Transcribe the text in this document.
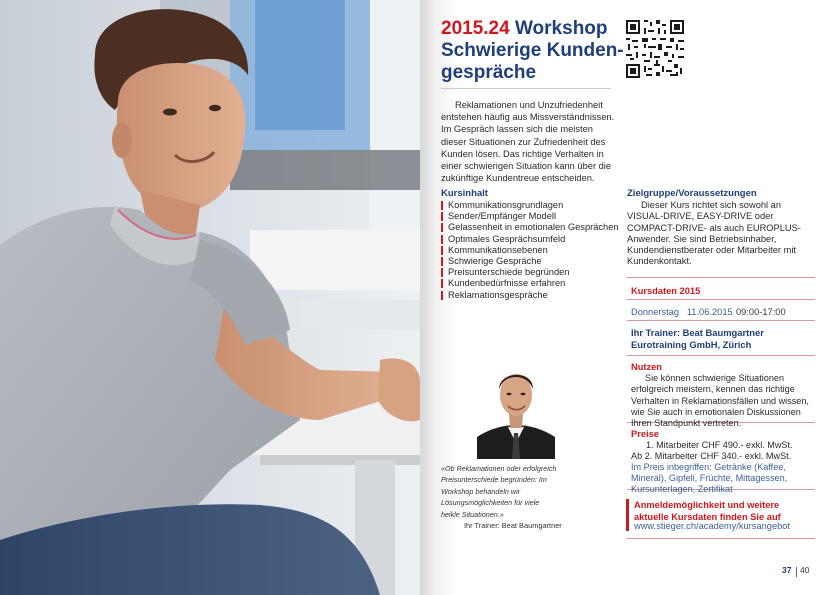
2015.24 Workshop
Schwierige Kunden-
gespräche

Reklamationen und Unzufriedenheit entstehen häufig aus Missverständnissen. Im Gespräch lassen sich die meisten dieser Situationen zur Zufriedenheit des Kunden lösen. Das richtige Verhalten in einer schwierigen Situation kann über die zukünftige Kundentreue entscheiden.

Kursinhalt
Kommunikationsgrundlagen
Sender/Empfänger Modell
Gelassenheit in emotionalen Gesprächen
Optimales Gesprächsumfeld
Kommunikationsebenen
Schwierige Gespräche
Preisunterschiede begründen
Kundenbedürfnisse erfahren
Reklamationsgespräche
Zielgruppe/Voraussetzungen

Dieser Kurs richtet sich sowohl an VISUAL-DRIVE, EASY-DRIVE oder COMPACT-DRIVE- als auch EUROPLUS-Anwender. Sie sind Betriebsinhaber, Kundendienstberater oder Mitarbeiter mit Kundenkontakt.

«Ob Reklamationen oder erfolgreich Preisunterschiede begründen: Im Workshop behandeln wir Lösungsmöglichkeiten für viele heikle Situationen.»

Ihr Trainer: Beat Baumgartner
Kursdaten 2015
Donnerstag 11.06.2015 09:00-17:00
Ihr Trainer: Beat Baumgartner
Eurotraining GmbH, Zürich
Nutzen

Sie können schwierige Situationen erfolgreich meistern, kennen das richtige Verhalten in Reklamationsfällen und wissen, wie Sie auch in emotionalen Diskussionen Ihren Standpunkt vertreten.

Preise
1. Mitarbeiter CHF 490.- exkl. MwSt.
Ab 2. Mitarbeiter CHF 340.- exkl. MwSt.

Im Preis inbegriffen: Getränke (Kaffee, Mineral), Gipfeli, Früchte, Mittagessen, Kursunterlagen, Zertifikat

Anmeldemöglichkeit und weitere aktuelle Kursdaten finden Sie auf

www.stieger.ch/academy/kursangebot
37 40
